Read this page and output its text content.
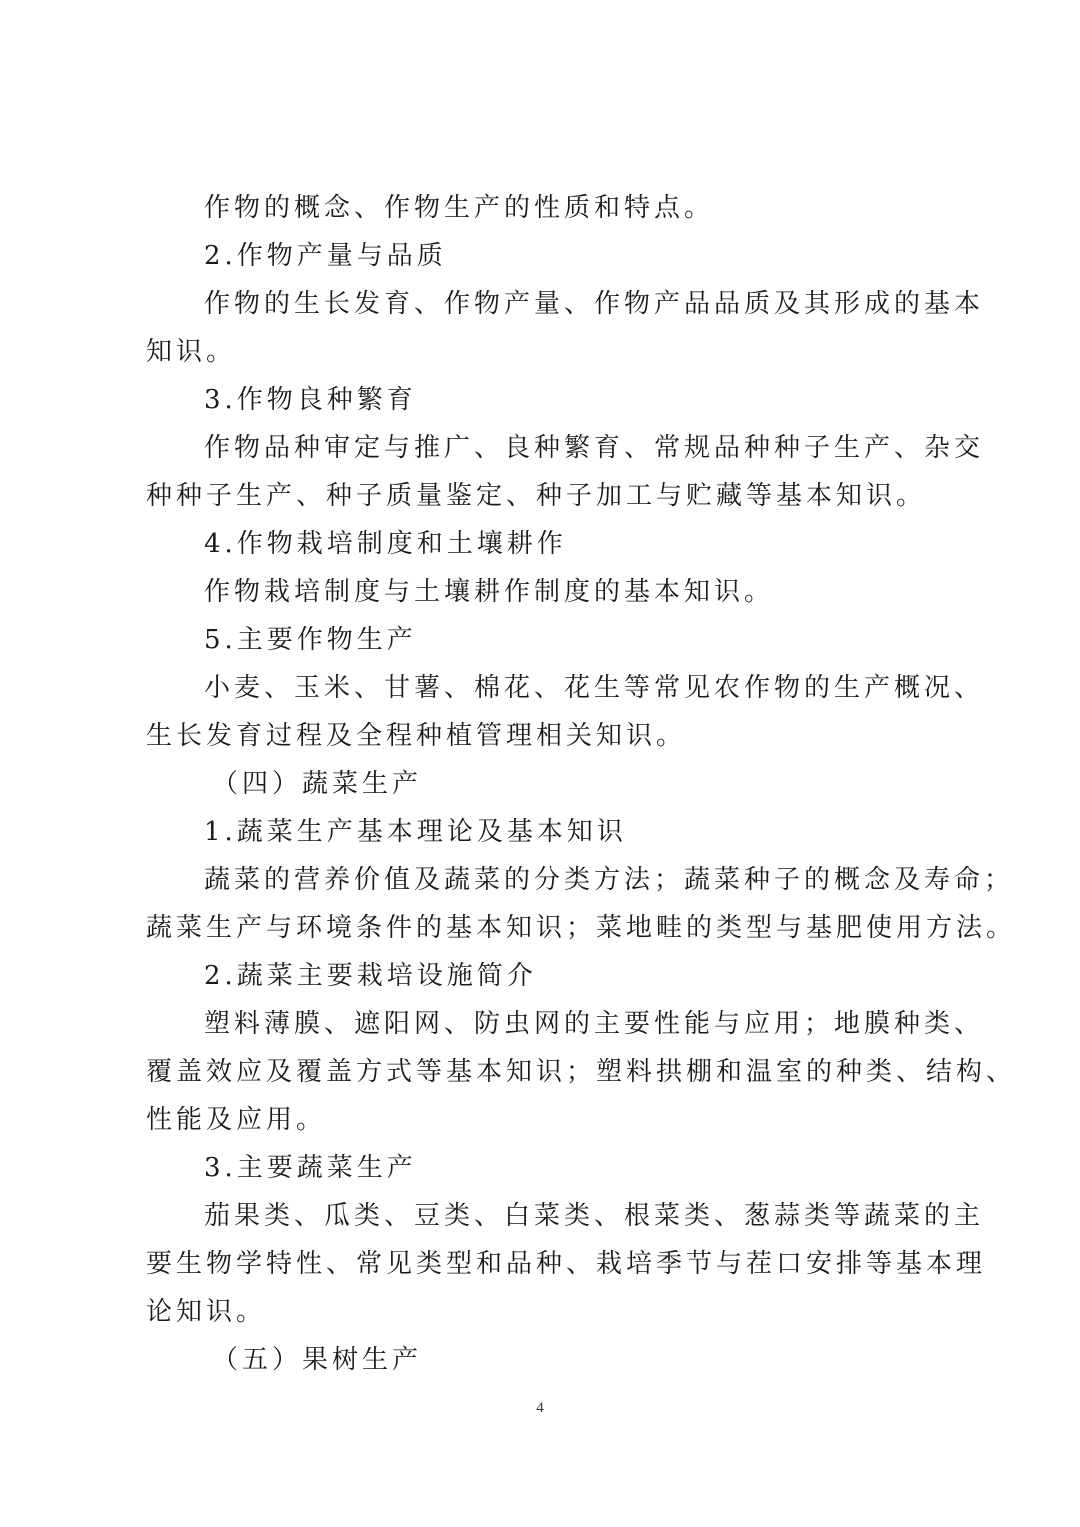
作物的概念、作物生产的性质和特点。
2.作物产量与品质
作物的生长发育、作物产量、作物产品品质及其形成的基本
知识。
3.作物良种繁育
作物品种审定与推广、良种繁育、常规品种种子生产、杂交
种种子生产、种子质量鉴定、种子加工与贮藏等基本知识。
4.作物栽培制度和土壤耕作
作物栽培制度与土壤耕作制度的基本知识。
5.主要作物生产
小麦、玉米、甘薯、棉花、花生等常见农作物的生产概况、
生长发育过程及全程种植管理相关知识。
（四）蔬菜生产
1.蔬菜生产基本理论及基本知识
蔬菜的营养价值及蔬菜的分类方法；蔬菜种子的概念及寿命；
蔬菜生产与环境条件的基本知识；菜地畦的类型与基肥使用方法。
2.蔬菜主要栽培设施简介
塑料薄膜、遮阳网、防虫网的主要性能与应用；地膜种类、
覆盖效应及覆盖方式等基本知识；塑料拱棚和温室的种类、结构、
性能及应用。
3.主要蔬菜生产
茄果类、瓜类、豆类、白菜类、根菜类、葱蒜类等蔬菜的主
要生物学特性、常见类型和品种、栽培季节与茬口安排等基本理
论知识。
（五）果树生产
4
